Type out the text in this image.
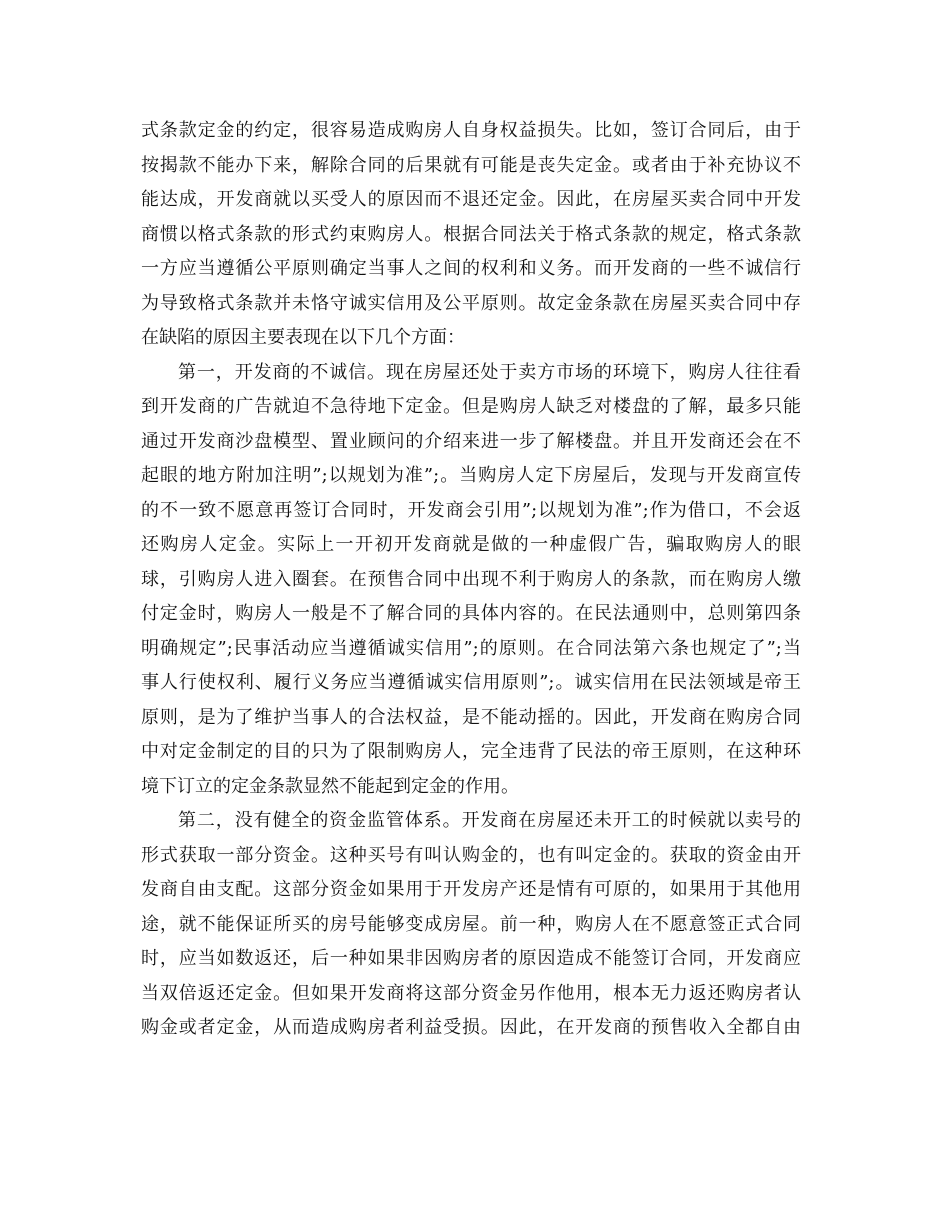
式条款定金的约定，很容易造成购房人自身权益损失。比如，签订合同后，由于
按揭款不能办下来，解除合同的后果就有可能是丧失定金。或者由于补充协议不
能达成，开发商就以买受人的原因而不退还定金。因此，在房屋买卖合同中开发
商惯以格式条款的形式约束购房人。根据合同法关于格式条款的规定，格式条款
一方应当遵循公平原则确定当事人之间的权利和义务。而开发商的一些不诚信行
为导致格式条款并未恪守诚实信用及公平原则。故定金条款在房屋买卖合同中存
在缺陷的原因主要表现在以下几个方面：
第一，开发商的不诚信。现在房屋还处于卖方市场的环境下，购房人往往看
到开发商的广告就迫不急待地下定金。但是购房人缺乏对楼盘的了解，最多只能
通过开发商沙盘模型、置业顾问的介绍来进一步了解楼盘。并且开发商还会在不
起眼的地方附加注明”;以规划为准”;。当购房人定下房屋后，发现与开发商宣传
的不一致不愿意再签订合同时，开发商会引用”;以规划为准”;作为借口，不会返
还购房人定金。实际上一开初开发商就是做的一种虚假广告，骗取购房人的眼
球，引购房人进入圈套。在预售合同中出现不利于购房人的条款，而在购房人缴
付定金时，购房人一般是不了解合同的具体内容的。在民法通则中，总则第四条
明确规定”;民事活动应当遵循诚实信用”;的原则。在合同法第六条也规定了”;当
事人行使权利、履行义务应当遵循诚实信用原则”;。诚实信用在民法领域是帝王
原则，是为了维护当事人的合法权益，是不能动摇的。因此，开发商在购房合同
中对定金制定的目的只为了限制购房人，完全违背了民法的帝王原则，在这种环
境下订立的定金条款显然不能起到定金的作用。
第二，没有健全的资金监管体系。开发商在房屋还未开工的时候就以卖号的
形式获取一部分资金。这种买号有叫认购金的，也有叫定金的。获取的资金由开
发商自由支配。这部分资金如果用于开发房产还是情有可原的，如果用于其他用
途，就不能保证所买的房号能够变成房屋。前一种，购房人在不愿意签正式合同
时，应当如数返还，后一种如果非因购房者的原因造成不能签订合同，开发商应
当双倍返还定金。但如果开发商将这部分资金另作他用，根本无力返还购房者认
购金或者定金，从而造成购房者利益受损。因此，在开发商的预售收入全都自由
